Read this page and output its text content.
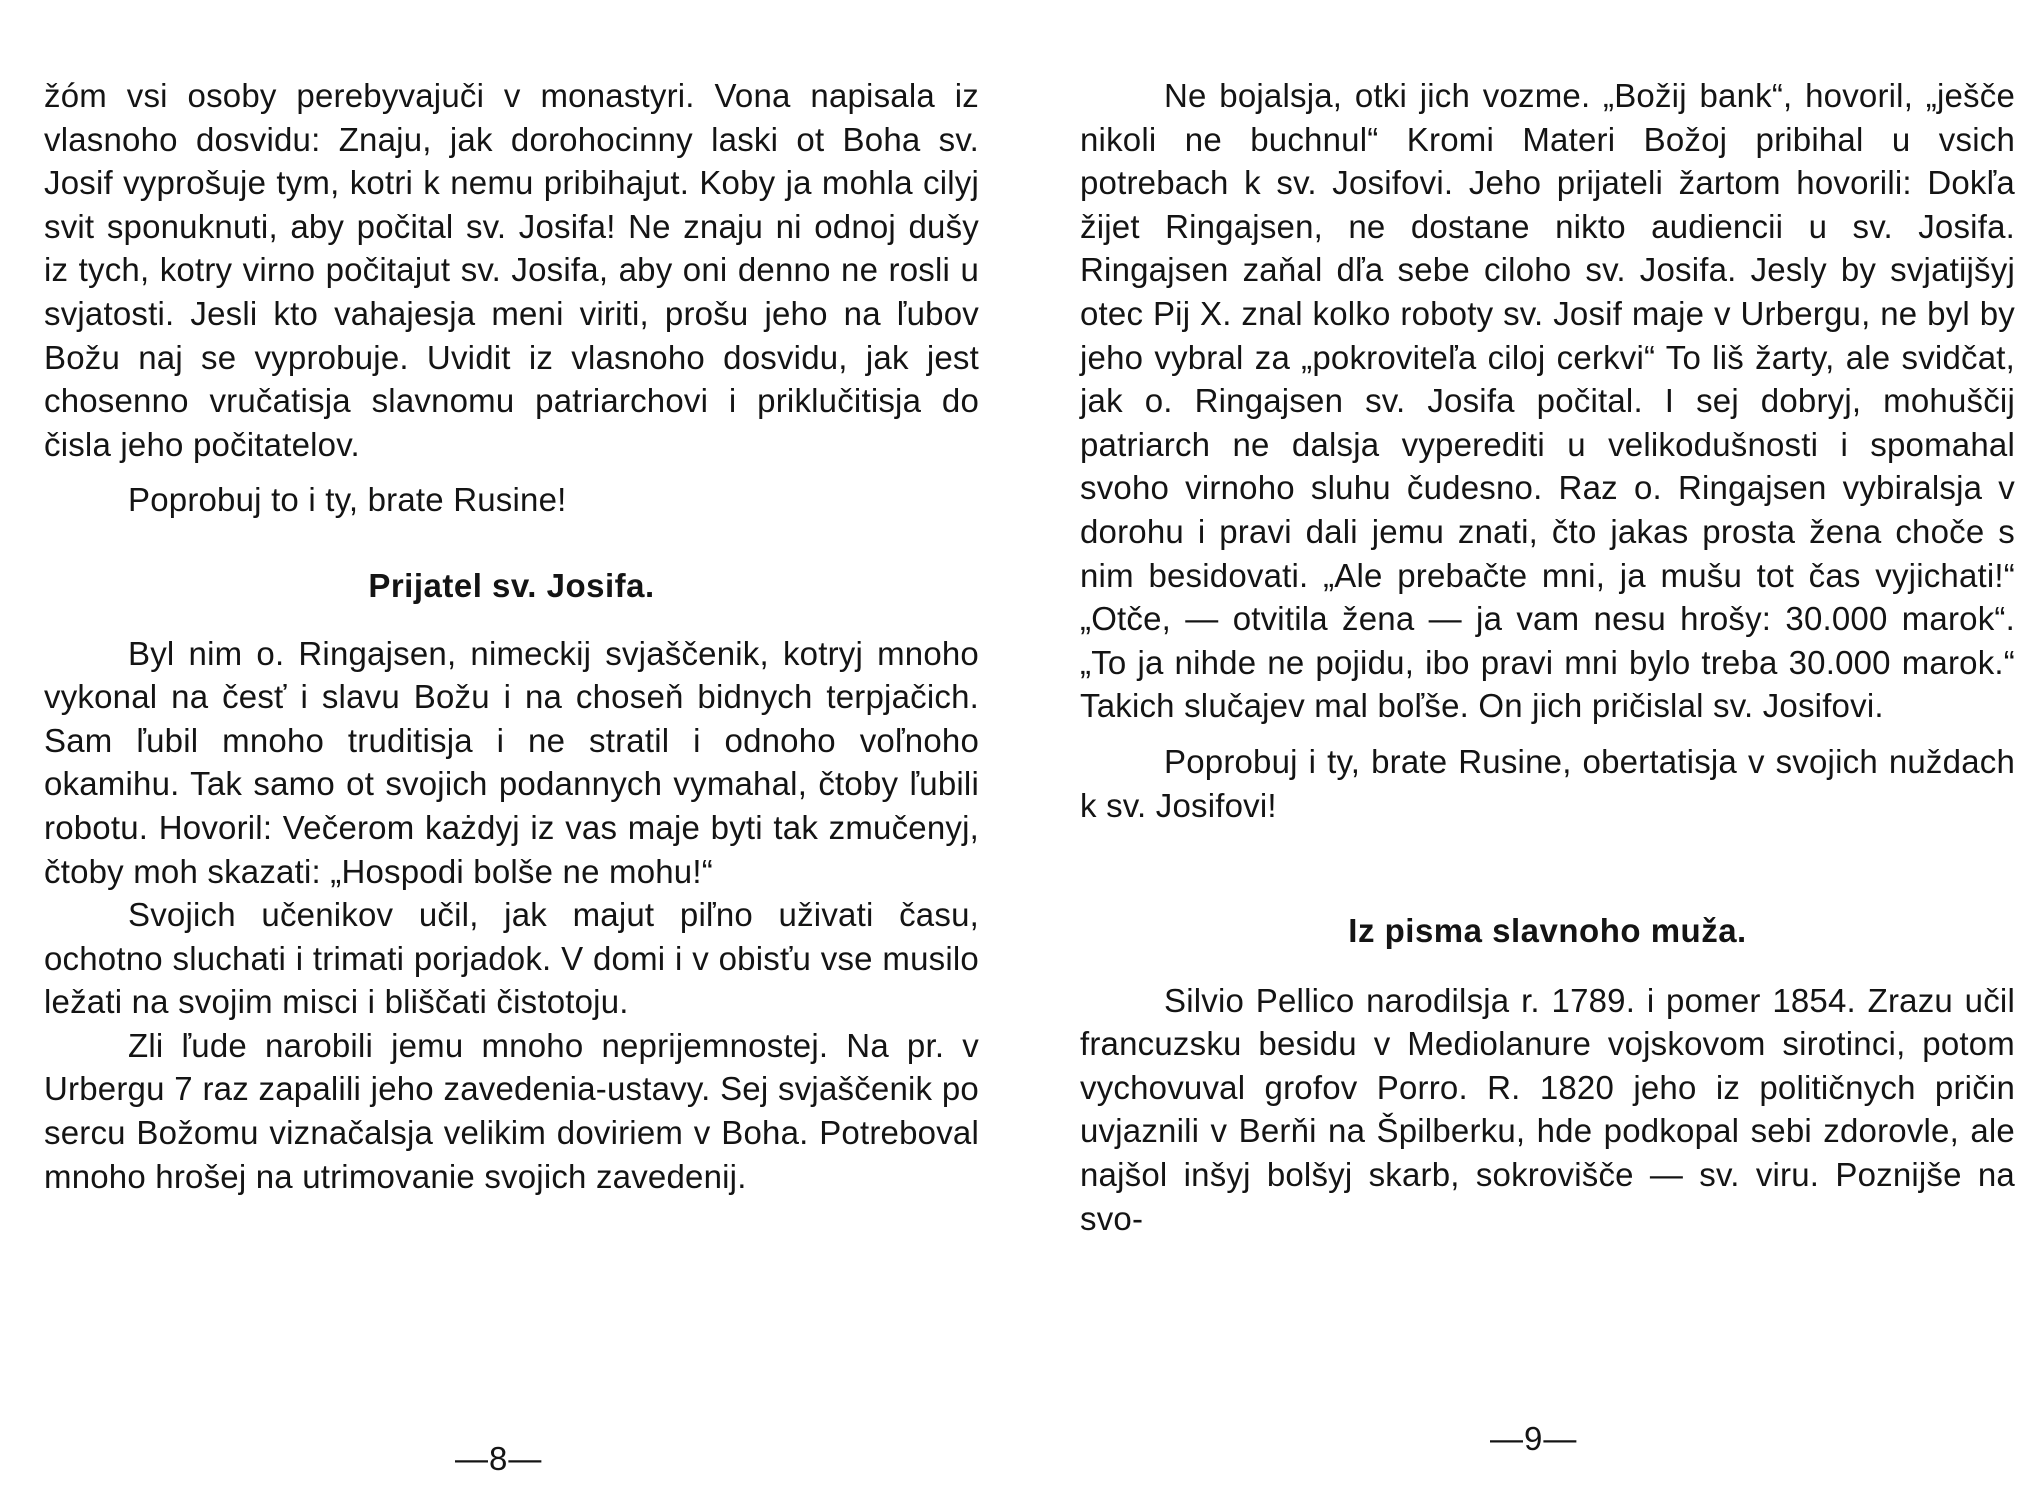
žóm vsi osoby perebyvajuči v monastyri. Vona napisala iz vlasnoho dosvidu: Znaju, jak dorohocinny laski ot Boha sv. Josif vyprošuje tym, kotri k nemu pribihajut. Koby ja mohla cilyj svit sponuknuti, aby počital sv. Josifa! Ne znaju ni odnoj dušy iz tych, kotry virno počitajut sv. Josifa, aby oni denno ne rosli u svjatosti. Jesli kto vahajesja meni viriti, prošu jeho na ľubov Božu naj se vyprobuje. Uvidit iz vlasnoho dosvidu, jak jest chosenno vručatisja slavnomu patriarchovi i priklučitisja do čisla jeho počitatelov.

Poprobuj to i ty, brate Rusine!

Prijatel sv. Josifa.

Byl nim o. Ringajsen, nimeckij svjaščenik, kotryj mnoho vykonal na česť i slavu Božu i na choseň bidnych terpjačich. Sam ľubil mnoho truditisja i ne stratil i odnoho voľnoho okamihu. Tak samo ot svojich podannych vymahal, čtoby ľubili robotu. Hovoril: Večerom każdyj iz vas maje byti tak zmučenyj, čtoby moh skazati: „Hospodi bolše ne mohu!“

Svojich učenikov učil, jak majut piľno uživati času, ochotno sluchati i trimati porjadok. V domi i v obisťu vse musilo ležati na svojim misci i bliščati čistotoju.

Zli ľude narobili jemu mnoho neprijemnostej. Na pr. v Urbergu 7 raz zapalili jeho zavedenia-ustavy. Sej svjaščenik po sercu Božomu viznačalsja velikim doviriem v Boha. Potreboval mnoho hrošej na utrimovanie svojich zavedenij.

—8—

Ne bojalsja, otki jich vozme. „Božij bank“, hovoril, „ješče nikoli ne buchnul“ Kromi Materi Božoj pribihal u vsich potrebach k sv. Josifovi. Jeho prijateli žartom hovorili: Dokľa žijet Ringajsen, ne dostane nikto audiencii u sv. Josifa. Ringajsen zaňal dľa sebe ciloho sv. Josifa. Jesly by svjatijšyj otec Pij X. znal kolko roboty sv. Josif maje v Urbergu, ne byl by jeho vybral za „pokroviteľa ciloj cerkvi“ To liš žarty, ale svidčat, jak o. Ringajsen sv. Josifa počital. I sej dobryj, mohuščij patriarch ne dalsja vyperediti u velikodušnosti i spomahal svoho virnoho sluhu čudesno. Raz o. Ringajsen vybiralsja v dorohu i pravi dali jemu znati, čto jakas prosta žena choče s nim besidovati. „Ale prebačte mni, ja mušu tot čas vyjichati!“ „Otče, — otvitila žena — ja vam nesu hrošy: 30.000 marok“. „To ja nihde ne pojidu, ibo pravi mni bylo treba 30.000 marok.“ Takich slučajev mal boľše. On jich pričislal sv. Josifovi.

Poprobuj i ty, brate Rusine, obertatisja v svojich nuždach k sv. Josifovi!

Iz pisma slavnoho muža.

Silvio Pellico narodilsja r. 1789. i pomer 1854. Zrazu učil francuzsku besidu v Mediolanure vojskovom sirotinci, potom vychovuval grofov Porro. R. 1820 jeho iz političnych pričin uvjaznili v Berňi na Špilberku, hde podkopal sebi zdorovle, ale najšol inšyj bolšyj skarb, sokrovišče — sv. viru. Poznijše na svo-

—9—
